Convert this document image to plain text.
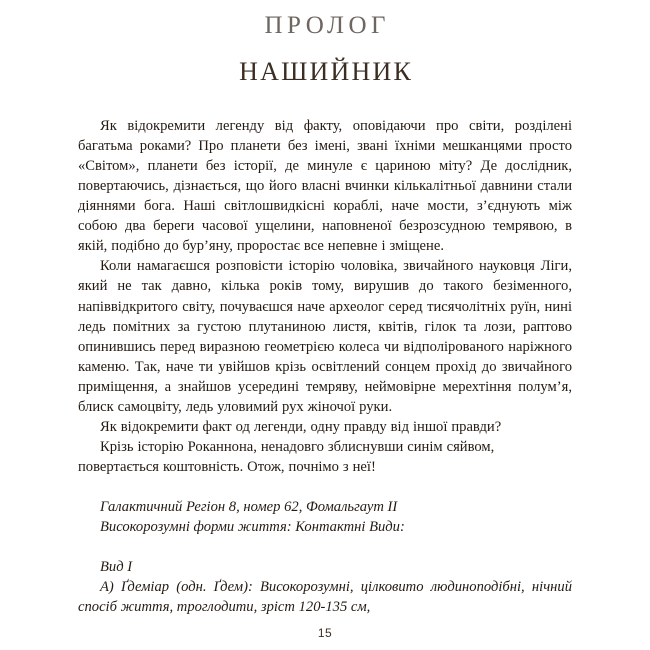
ПРОЛОГ
НАШИЙНИК

Як відокремити легенду від факту, оповідаючи про світи, розділені багатьма роками? Про планети без імені, звані їхніми мешканцями просто «Світом», планети без історії, де минуле є цариною міту? Де дослідник, повертаючись, дізнається, що його власні вчинки кількалітньої давнини стали діяннями бога. Наші світлошвидкісні кораблі, наче мости, з’єднують між собою два береги часової ущелини, наповненої безрозсудною темрявою, в якій, подібно до бур’яну, проростає все непевне і зміщене.

Коли намагаєшся розповісти історію чоловіка, звичайного науковця Ліги, який не так давно, кілька років тому, вирушив до такого безіменного, напіввідкритого світу, почуваєшся наче археолог серед тисячолітніх руїн, нині ледь помітних за густою плутаниною листя, квітів, гілок та лози, раптово опинившись перед виразною геометрією колеса чи відполірованого наріжного каменю. Так, наче ти увійшов крізь освітлений сонцем прохід до звичайного приміщення, а знайшов усередині темряву, неймовірне мерехтіння полум’я, блиск самоцвіту, ледь уловимий рух жіночої руки.

Як відокремити факт од легенди, одну правду від іншої правди?

Крізь історію Роканнона, ненадовго зблиснувши синім сяйвом, повертається коштовність. Отож, почнімо з неї!

Галактичний Регіон 8, номер 62, Фомальгаут II

Високорозумні форми життя: Контактні Види:

Вид I

А) Ґдеміар (одн. Ґдем): Високорозумні, цілковито людиноподібні, нічний спосіб життя, троглодити, зріст 120-135 см,

15
